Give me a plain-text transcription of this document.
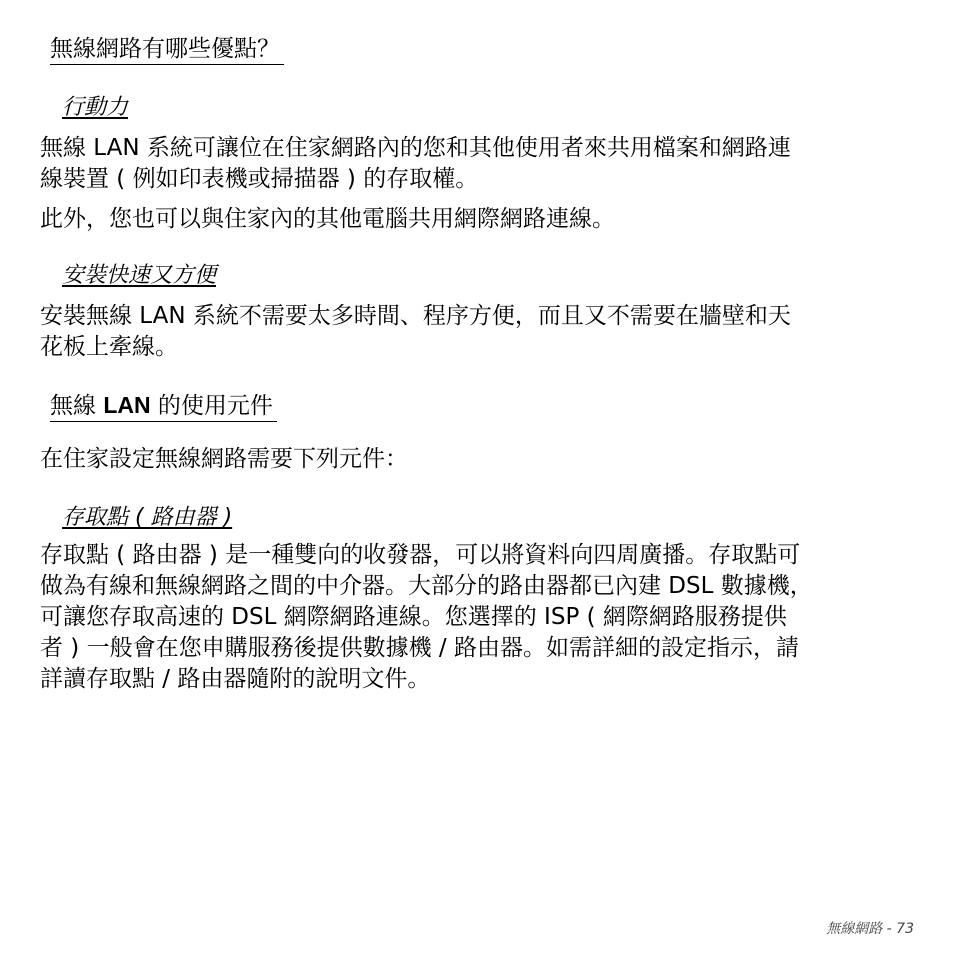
無線網路有哪些優點？
行動力

無線 LAN 系統可讓位在住家網路內的您和其他使用者來共用檔案和網路連
線裝置 ( 例如印表機或掃描器 ) 的存取權。

此外，您也可以與住家內的其他電腦共用網際網路連線。

安裝快速又方便

安裝無線 LAN 系統不需要太多時間、程序方便，而且又不需要在牆壁和天
花板上牽線。

無線 LAN 的使用元件

在住家設定無線網路需要下列元件：

存取點 ( 路由器 )

存取點 ( 路由器 ) 是一種雙向的收發器，可以將資料向四周廣播。存取點可
做為有線和無線網路之間的中介器。大部分的路由器都已內建 DSL 數據機，
可讓您存取高速的 DSL 網際網路連線。您選擇的 ISP ( 網際網路服務提供
者 ) 一般會在您申購服務後提供數據機 / 路由器。如需詳細的設定指示，請
詳讀存取點 / 路由器隨附的說明文件。

無線網路 - 73
